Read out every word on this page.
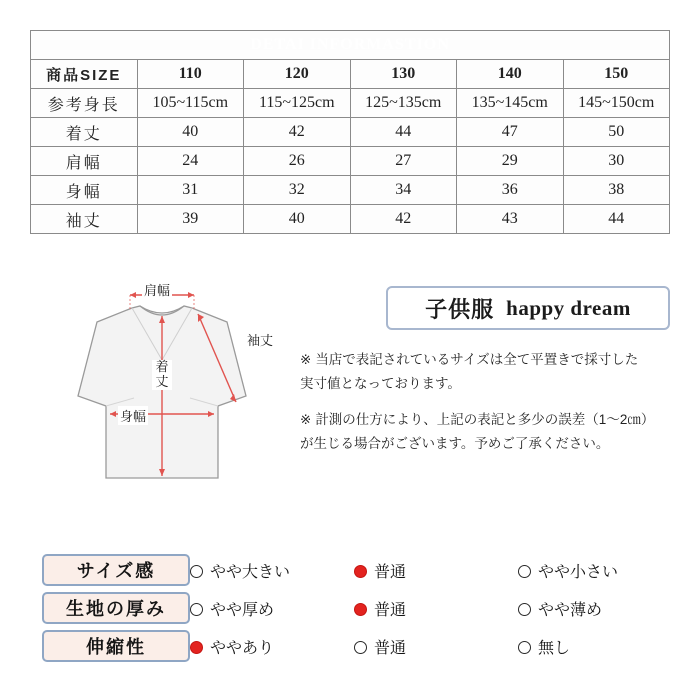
DETAI INFORMASTION					
商品SIZE	110	120	130	140	150
参考身長	105~115cm	115~125cm	125~135cm	135~145cm	145~150cm
着丈	40	42	44	47	50
肩幅	24	26	27	29	30
身幅	31	32	34	36	38
袖丈	39	40	42	43	44
肩幅
着丈
袖丈
身幅
子供服 happy dream
※ 当店で表記されているサイズは全て平置きで採寸した
実寸値となっております。
※ 計測の仕方により、上記の表記と多少の誤差（1～2㎝）
が生じる場合がございます。予めご了承ください。
サイズ感	やや大きい	普通	やや小さい
生地の厚み	やや厚め	普通	やや薄め
伸縮性	ややあり	普通	無し
